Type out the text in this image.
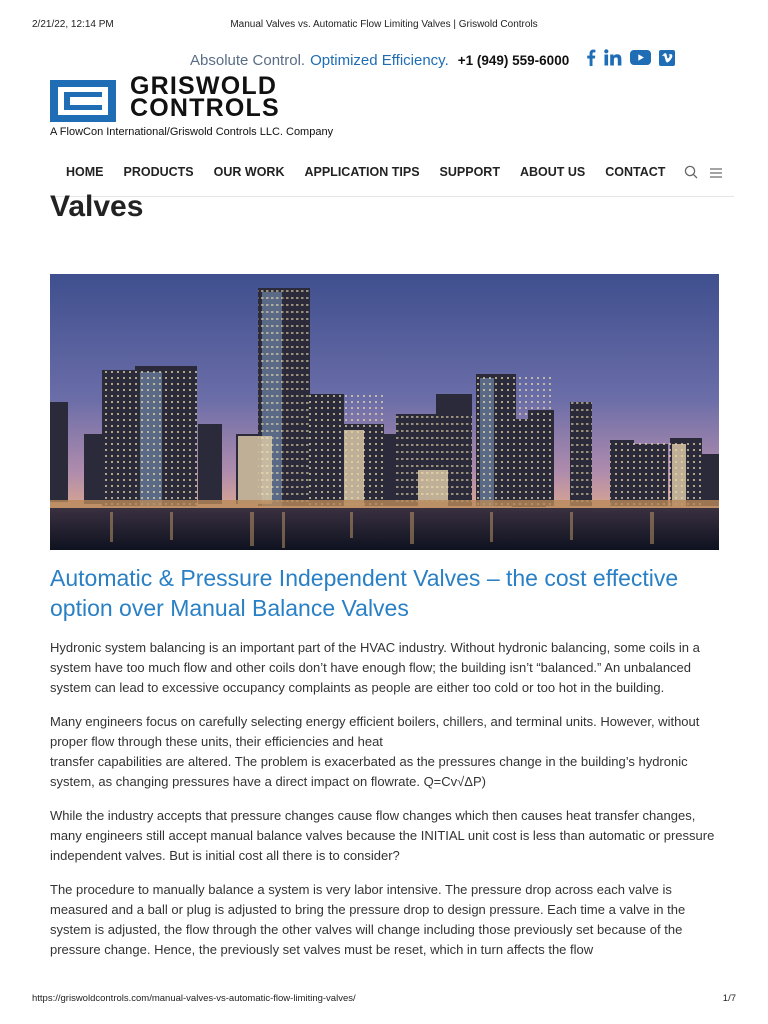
2/21/22, 12:14 PM	Manual Valves vs. Automatic Flow Limiting Valves | Griswold Controls
Absolute Control. Optimized Efficiency. +1 (949) 559-6000
GRISWOLD
CONTROLS
A FlowCon International/Griswold Controls LLC. Company
HOME PRODUCTS OUR WORK APPLICATION TIPS SUPPORT ABOUT US CONTACT
Valves
Automatic & Pressure Independent Valves – the cost effective option over Manual Balance Valves

Hydronic system balancing is an important part of the HVAC industry. Without hydronic balancing, some coils in a system have too much flow and other coils don’t have enough flow; the building isn’t “balanced.” An unbalanced system can lead to excessive occupancy complaints as people are either too cold or too hot in the building.

Many engineers focus on carefully selecting energy efficient boilers, chillers, and terminal units. However, without proper flow through these units, their efficiencies and heat

transfer capabilities are altered. The problem is exacerbated as the pressures change in the building’s hydronic system, as changing pressures have a direct impact on flowrate. Q=Cv√ΔP)

While the industry accepts that pressure changes cause flow changes which then causes heat transfer changes, many engineers still accept manual balance valves because the INITIAL unit cost is less than automatic or pressure independent valves. But is initial cost all there is to consider?

The procedure to manually balance a system is very labor intensive. The pressure drop across each valve is measured and a ball or plug is adjusted to bring the pressure drop to design pressure. Each time a valve in the system is adjusted, the flow through the other valves will change including those previously set because of the pressure change. Hence, the previously set valves must be reset, which in turn affects the flow

https://griswoldcontrols.com/manual-valves-vs-automatic-flow-limiting-valves/	1/7
